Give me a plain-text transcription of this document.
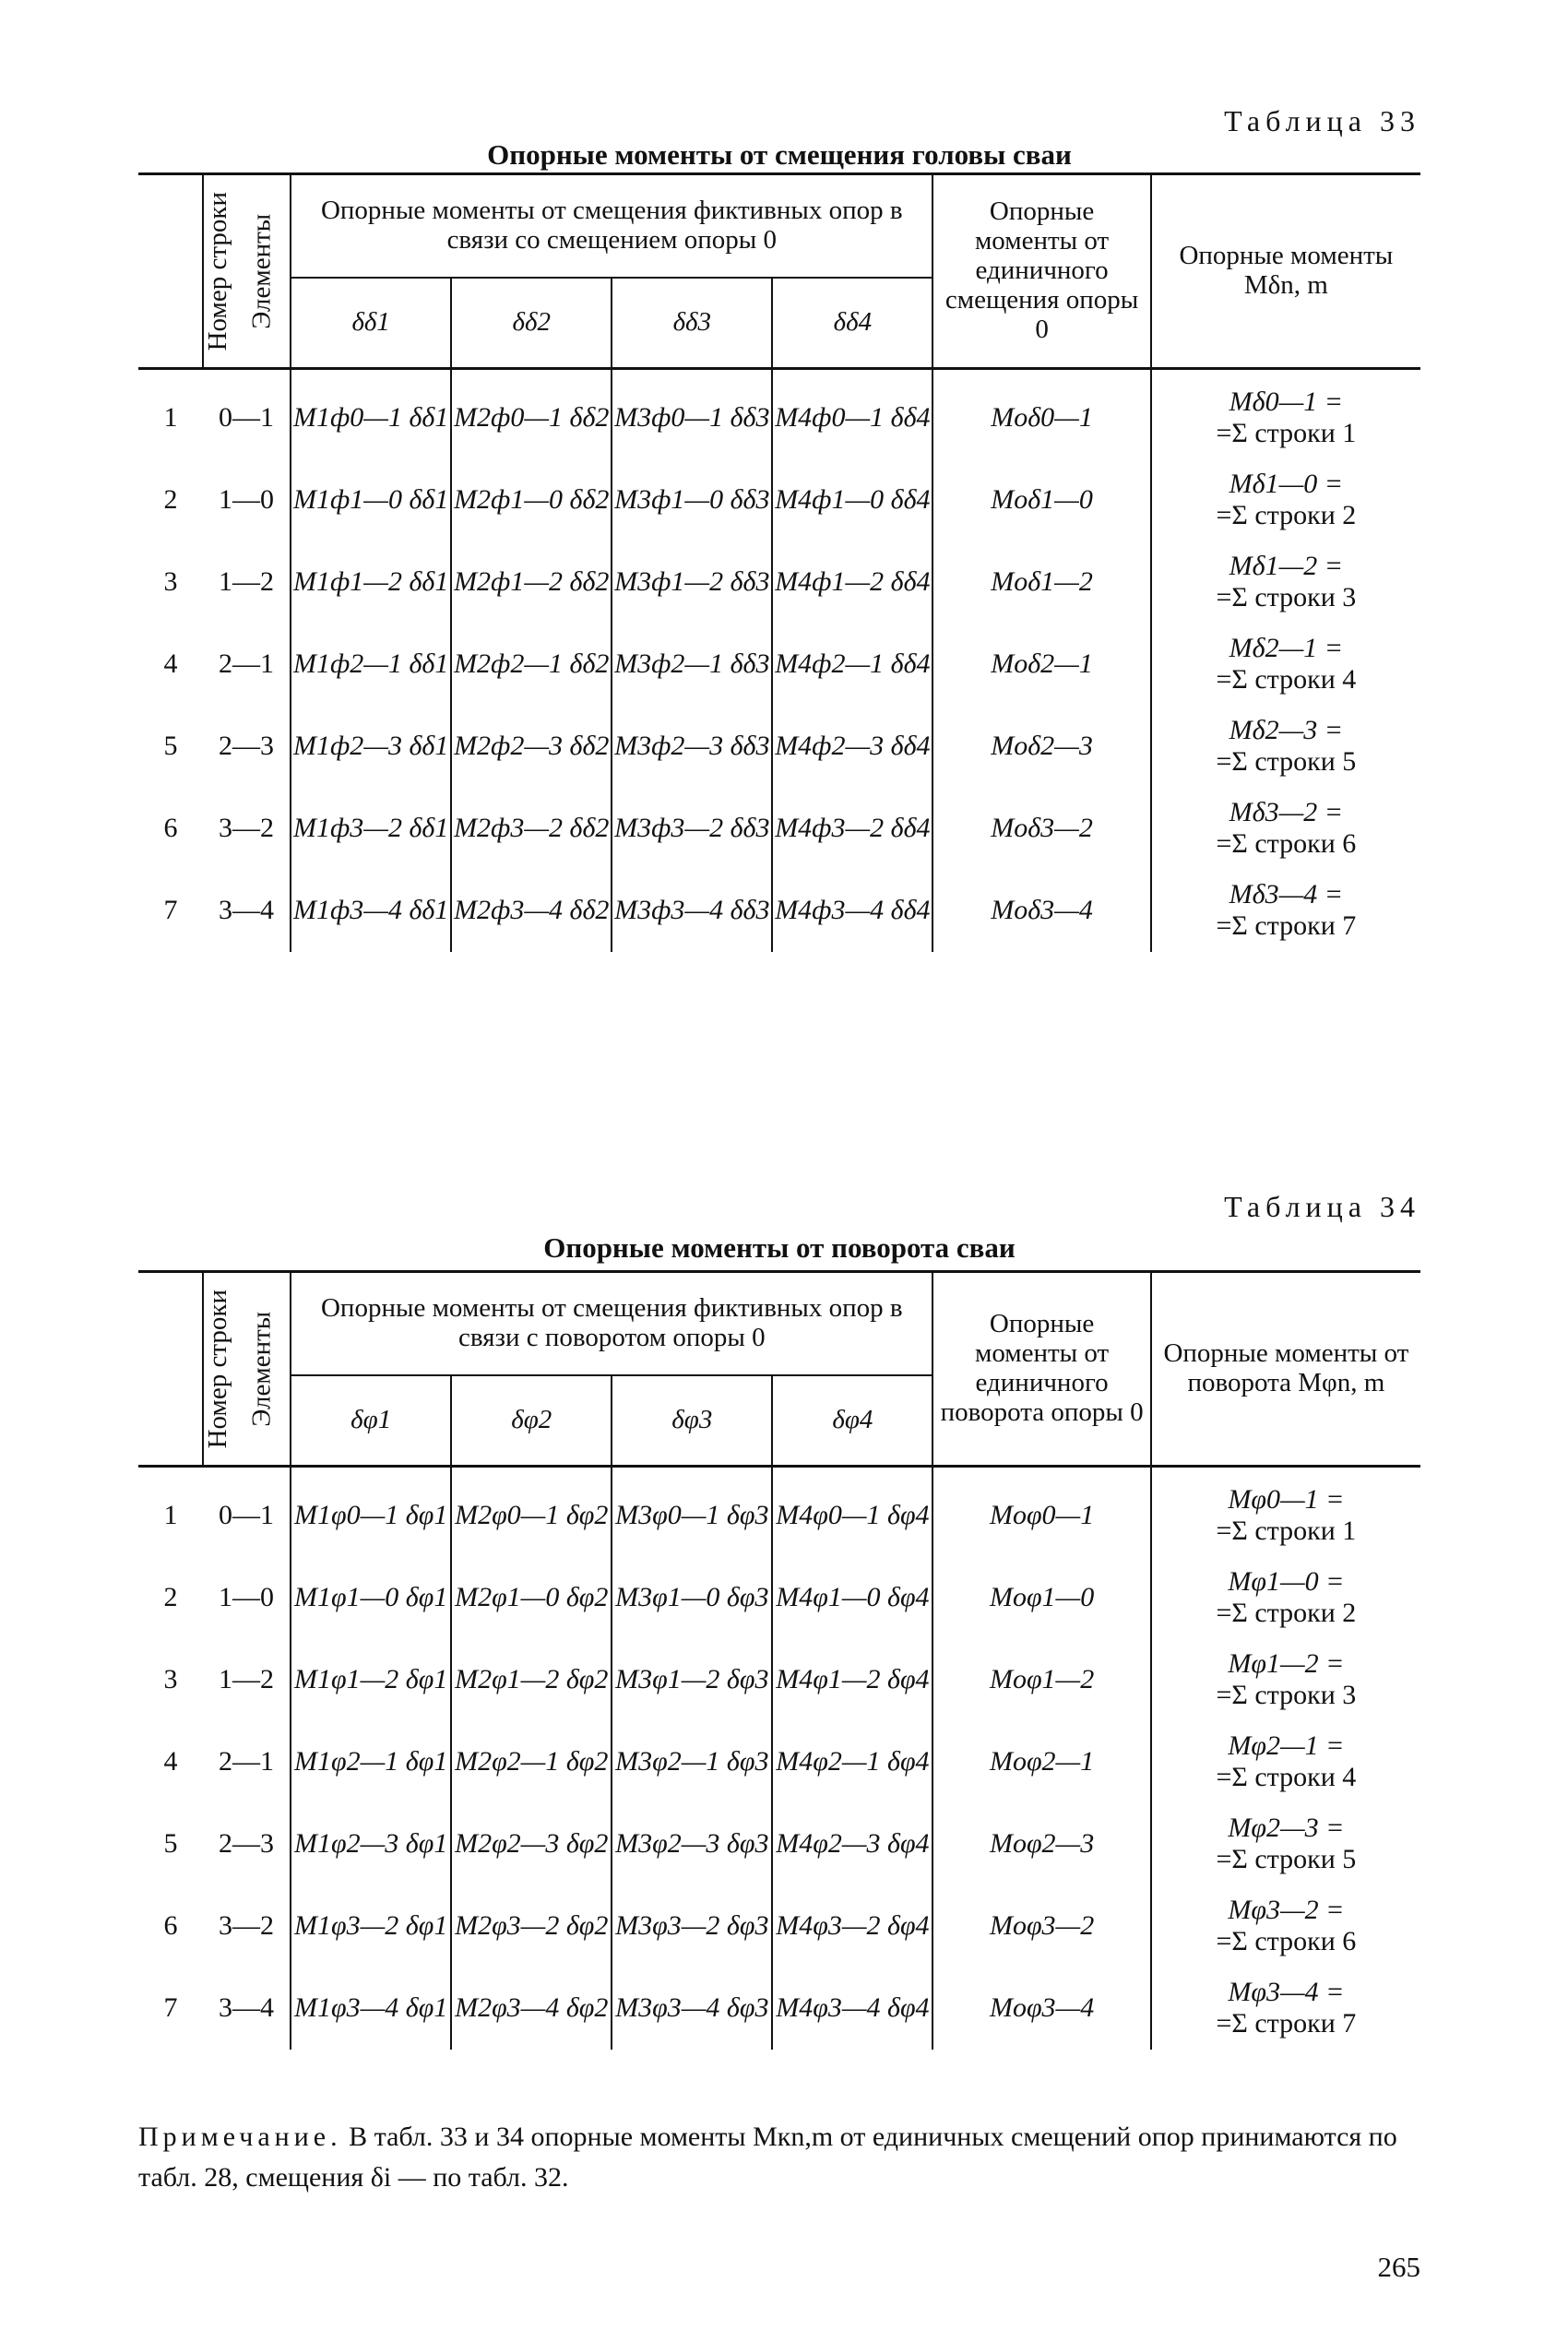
Таблица 33
Опорные моменты от смещения головы сваи
Номер строки	Элементы	Опорные моменты от смещения фиктивных опор в связи со смещением опоры 0				Опорные моменты от единичного смещения опоры 0	Опорные моменты Mδn, m
		δδ1	δδ2	δδ3	δδ4		
1	0—1	M1ф0—1 δδ1	M2ф0—1 δδ2	M3ф0—1 δδ3	M4ф0—1 δδ4	Mоδ0—1	Mδ0—1 =
=Σ строки 1

2	1—0	M1ф1—0 δδ1	M2ф1—0 δδ2	M3ф1—0 δδ3	M4ф1—0 δδ4	Mоδ1—0	Mδ1—0 =
=Σ строки 2

3	1—2	M1ф1—2 δδ1	M2ф1—2 δδ2	M3ф1—2 δδ3	M4ф1—2 δδ4	Mоδ1—2	Mδ1—2 =
=Σ строки 3

4	2—1	M1ф2—1 δδ1	M2ф2—1 δδ2	M3ф2—1 δδ3	M4ф2—1 δδ4	Mоδ2—1	Mδ2—1 =
=Σ строки 4

5	2—3	M1ф2—3 δδ1	M2ф2—3 δδ2	M3ф2—3 δδ3	M4ф2—3 δδ4	Mоδ2—3	Mδ2—3 =
=Σ строки 5

6	3—2	M1ф3—2 δδ1	M2ф3—2 δδ2	M3ф3—2 δδ3	M4ф3—2 δδ4	Mоδ3—2	Mδ3—2 =
=Σ строки 6

7	3—4	M1ф3—4 δδ1	M2ф3—4 δδ2	M3ф3—4 δδ3	M4ф3—4 δδ4	Mоδ3—4	Mδ3—4 =
=Σ строки 7
Таблица 34
Опорные моменты от поворота сваи
Номер строки	Элементы	Опорные моменты от смещения фиктивных опор в связи с поворотом опоры 0				Опорные моменты от единичного поворота опоры 0	Опорные моменты от поворота Mφn, m
		δφ1	δφ2	δφ3	δφ4		
1	0—1	M1φ0—1 δφ1	M2φ0—1 δφ2	M3φ0—1 δφ3	M4φ0—1 δφ4	Mоφ0—1	Mφ0—1 =
=Σ строки 1

2	1—0	M1φ1—0 δφ1	M2φ1—0 δφ2	M3φ1—0 δφ3	M4φ1—0 δφ4	Mоφ1—0	Mφ1—0 =
=Σ строки 2

3	1—2	M1φ1—2 δφ1	M2φ1—2 δφ2	M3φ1—2 δφ3	M4φ1—2 δφ4	Mоφ1—2	Mφ1—2 =
=Σ строки 3

4	2—1	M1φ2—1 δφ1	M2φ2—1 δφ2	M3φ2—1 δφ3	M4φ2—1 δφ4	Mоφ2—1	Mφ2—1 =
=Σ строки 4

5	2—3	M1φ2—3 δφ1	M2φ2—3 δφ2	M3φ2—3 δφ3	M4φ2—3 δφ4	Mоφ2—3	Mφ2—3 =
=Σ строки 5

6	3—2	M1φ3—2 δφ1	M2φ3—2 δφ2	M3φ3—2 δφ3	M4φ3—2 δφ4	Mоφ3—2	Mφ3—2 =
=Σ строки 6

7	3—4	M1φ3—4 δφ1	M2φ3—4 δφ2	M3φ3—4 δφ3	M4φ3—4 δφ4	Mоφ3—4	Mφ3—4 =
=Σ строки 7
Примечание. В табл. 33 и 34 опорные моменты Mкn,m от единичных смещений опор принимаются по табл. 28, смещения δi — по табл. 32.
265
